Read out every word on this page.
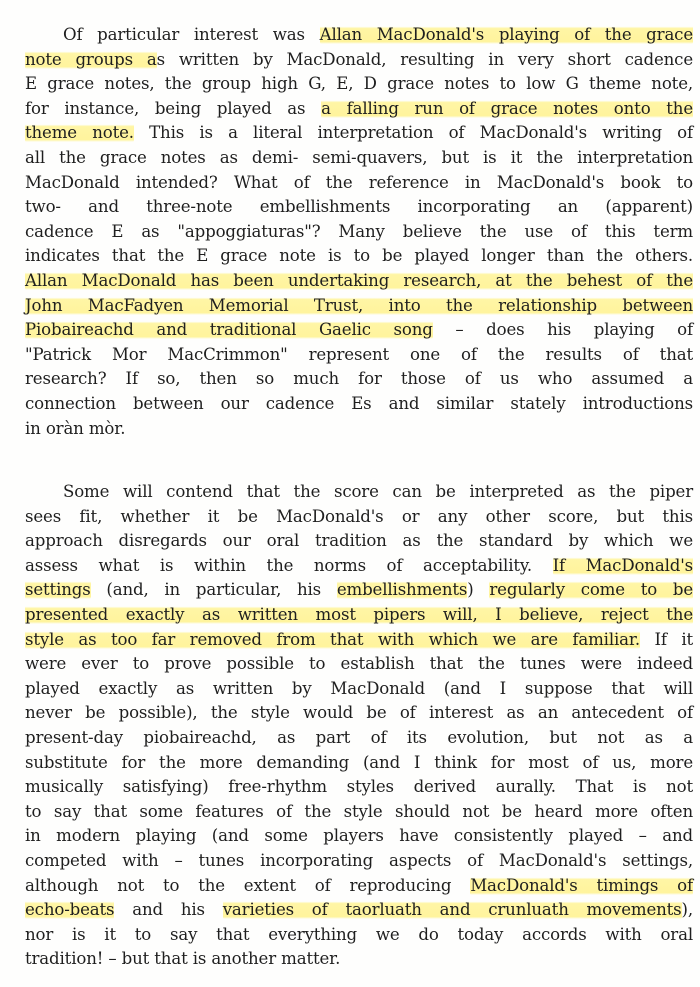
Of particular interest was Allan MacDonald's playing of the grace
note groups as written by MacDonald, resulting in very short cadence
E grace notes, the group high G, E, D grace notes to low G theme note,
for instance, being played as a falling run of grace notes onto the
theme note. This is a literal interpretation of MacDonald's writing of
all the grace notes as demi- semi-quavers, but is it the interpretation
MacDonald intended? What of the reference in MacDonald's book to
two- and three-note embellishments incorporating an (apparent)
cadence E as "appoggiaturas"? Many believe the use of this term
indicates that the E grace note is to be played longer than the others.
Allan MacDonald has been undertaking research, at the behest of the
John MacFadyen Memorial Trust, into the relationship between
Piobaireachd and traditional Gaelic song – does his playing of
"Patrick Mor MacCrimmon" represent one of the results of that
research? If so, then so much for those of us who assumed a
connection between our cadence Es and similar stately introductions
in oràn mòr.
Some will contend that the score can be interpreted as the piper
sees fit, whether it be MacDonald's or any other score, but this
approach disregards our oral tradition as the standard by which we
assess what is within the norms of acceptability. If MacDonald's
settings (and, in particular, his embellishments) regularly come to be
presented exactly as written most pipers will, I believe, reject the
style as too far removed from that with which we are familiar. If it
were ever to prove possible to establish that the tunes were indeed
played exactly as written by MacDonald (and I suppose that will
never be possible), the style would be of interest as an antecedent of
present-day piobaireachd, as part of its evolution, but not as a
substitute for the more demanding (and I think for most of us, more
musically satisfying) free-rhythm styles derived aurally. That is not
to say that some features of the style should not be heard more often
in modern playing (and some players have consistently played – and
competed with – tunes incorporating aspects of MacDonald's settings,
although not to the extent of reproducing MacDonald's timings of
echo-beats and his varieties of taorluath and crunluath movements),
nor is it to say that everything we do today accords with oral
tradition! – but that is another matter.
